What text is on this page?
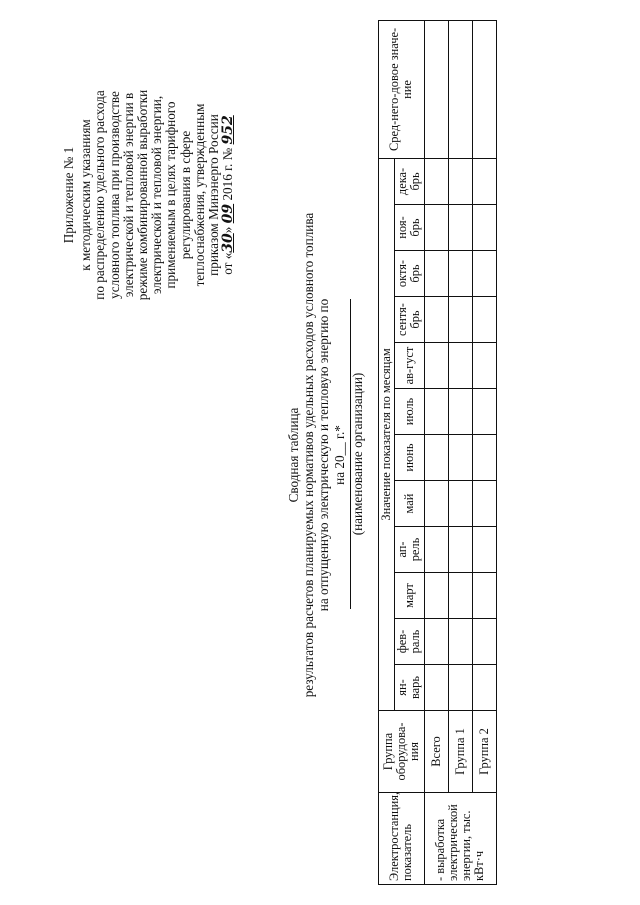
Приложение № 1 к методическим указаниям по распределению удельного расхода условного топлива при производстве электрической и тепловой энергии в режиме комбинированной выработки электрической и тепловой энергии, применяемым в целях тарифного регулирования в сфере теплоснабжения, утвержденным приказом Минэнерго России от «30» 09 2016 г. № 952
Сводная таблица результатов расчетов планируемых нормативов удельных расходов условного топлива на отпущенную электрическую и тепловую энергию по на 20__ г.* (наименование организации)
Электростанция, показатель	Группа оборудова-ния	Значение показателя по месяцам												Сред-него-довое значе-ние
		ян-варь	фев-раль	март	ап-рель	май	июнь	июль	ав-густ	сентя-брь	октя-брь	ноя-брь	дека-брь	
- выработка электрической энергии, тыс. кВт·ч	Всего													
	Группа 1													
	Группа 2													
